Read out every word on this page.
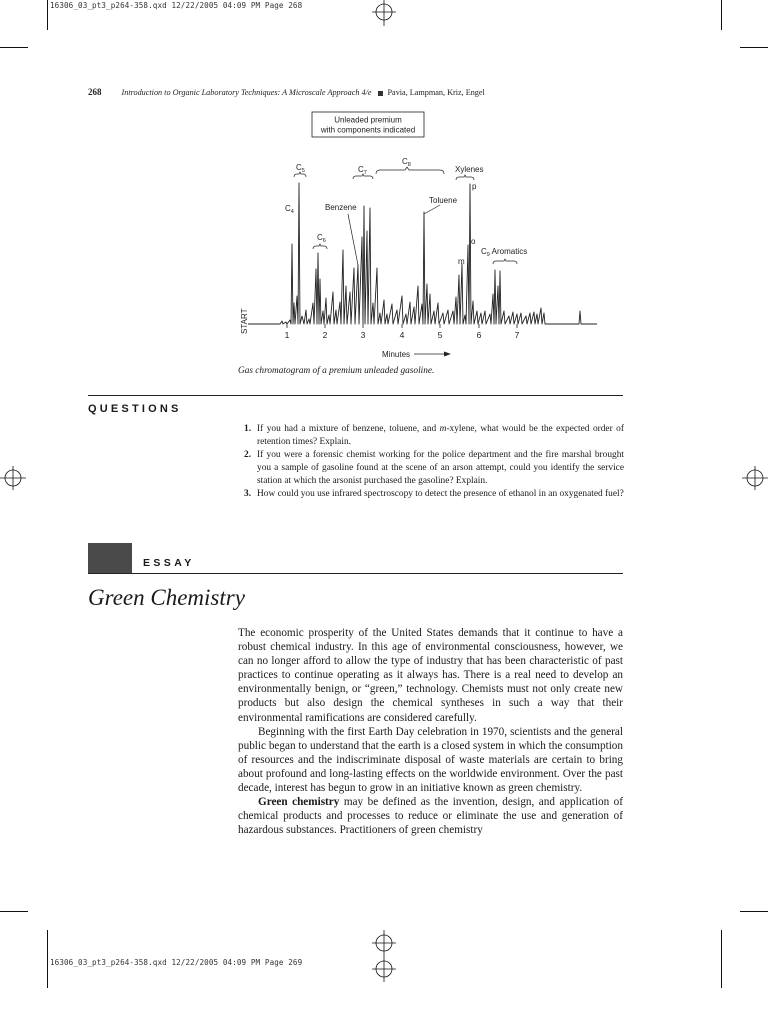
16306_03_pt3_p264-358.qxd 12/22/2005 04:09 PM Page 268
16306_03_pt3_p264-358.qxd 12/22/2005 04:09 PM Page 269
268 Introduction to Organic Laboratory Techniques: A Microscale Approach 4/e Pavia, Lampman, Kriz, Engel
Unleaded premium
with components indicated
START
1	2	3	4	5	6	7
Minutes
$C_4$
$C_5$
$C_6$
$C_7$
$C_8$
$C_9$ Aromatics
Benzene
Toluene
Xylenes
p
o
m
Gas chromatogram of a premium unleaded gasoline.
QUESTIONS
1. If you had a mixture of benzene, toluene, and m-xylene, what would be the expected order of retention times? Explain.
2. If you were a forensic chemist working for the police department and the fire marshal brought you a sample of gasoline found at the scene of an arson attempt, could you identify the service station at which the arsonist purchased the gasoline? Explain.
3. How could you use infrared spectroscopy to detect the presence of ethanol in an oxygenated fuel?
ESSAY
Green Chemistry

The economic prosperity of the United States demands that it continue to have a robust chemical industry. In this age of environmental consciousness, however, we can no longer afford to allow the type of industry that has been characteristic of past practices to continue operating as it always has. There is a real need to develop an environmentally benign, or “green,” technology. Chemists must not only create new products but also design the chemical syntheses in such a way that their environmental ramifications are considered carefully.

Beginning with the first Earth Day celebration in 1970, scientists and the general public began to understand that the earth is a closed system in which the consumption of resources and the indiscriminate disposal of waste materials are certain to bring about profound and long-lasting effects on the worldwide environment. Over the past decade, interest has begun to grow in an initiative known as green chemistry.

Green chemistry may be defined as the invention, design, and application of chemical products and processes to reduce or eliminate the use and generation of hazardous substances. Practitioners of green chemistry
